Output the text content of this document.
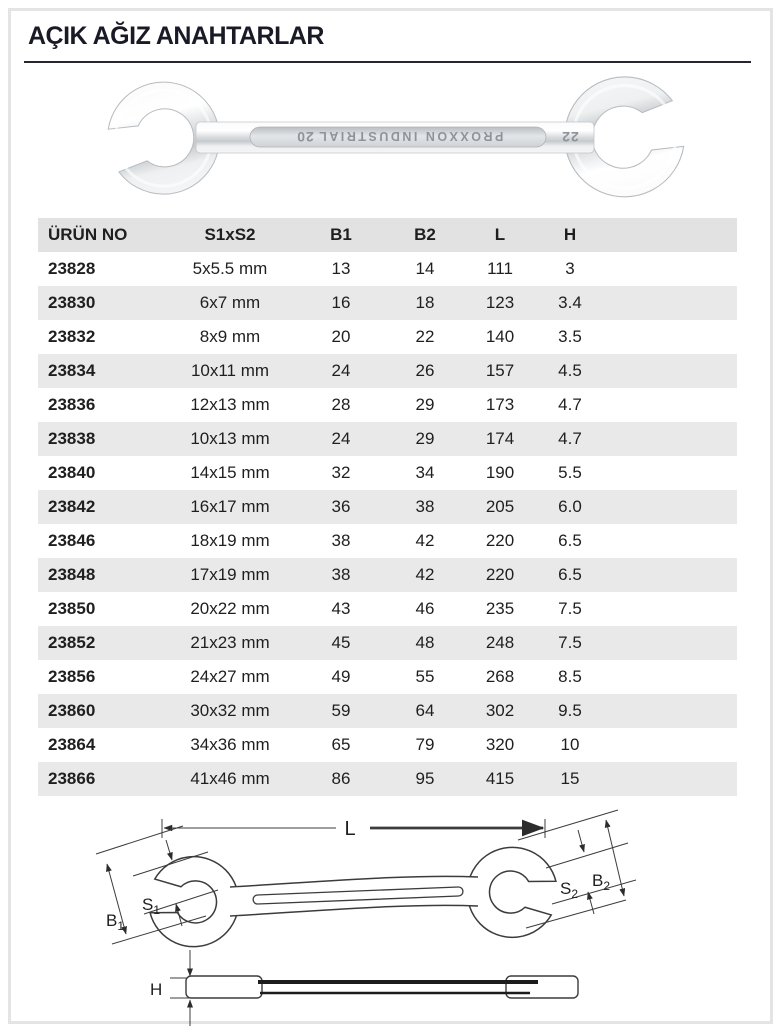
AÇIK AĞIZ ANAHTARLAR
20 PROXXON INDUSTRIAL	22
ÜRÜN NO	S1xS2	B1	B2	L	H
23828	5x5.5 mm	13	14	111	3
23830	6x7 mm	16	18	123	3.4
23832	8x9 mm	20	22	140	3.5
23834	10x11 mm	24	26	157	4.5
23836	12x13 mm	28	29	173	4.7
23838	10x13 mm	24	29	174	4.7
23840	14x15 mm	32	34	190	5.5
23842	16x17 mm	36	38	205	6.0
23846	18x19 mm	38	42	220	6.5
23848	17x19 mm	38	42	220	6.5
23850	20x22 mm	43	46	235	7.5
23852	21x23 mm	45	48	248	7.5
23856	24x27 mm	49	55	268	8.5
23860	30x32 mm	59	64	302	9.5
23864	34x36 mm	65	79	320	10
23866	41x46 mm	86	95	415	15
L
$B_1$
$S_1$
$S_2$
$B_2$
H
